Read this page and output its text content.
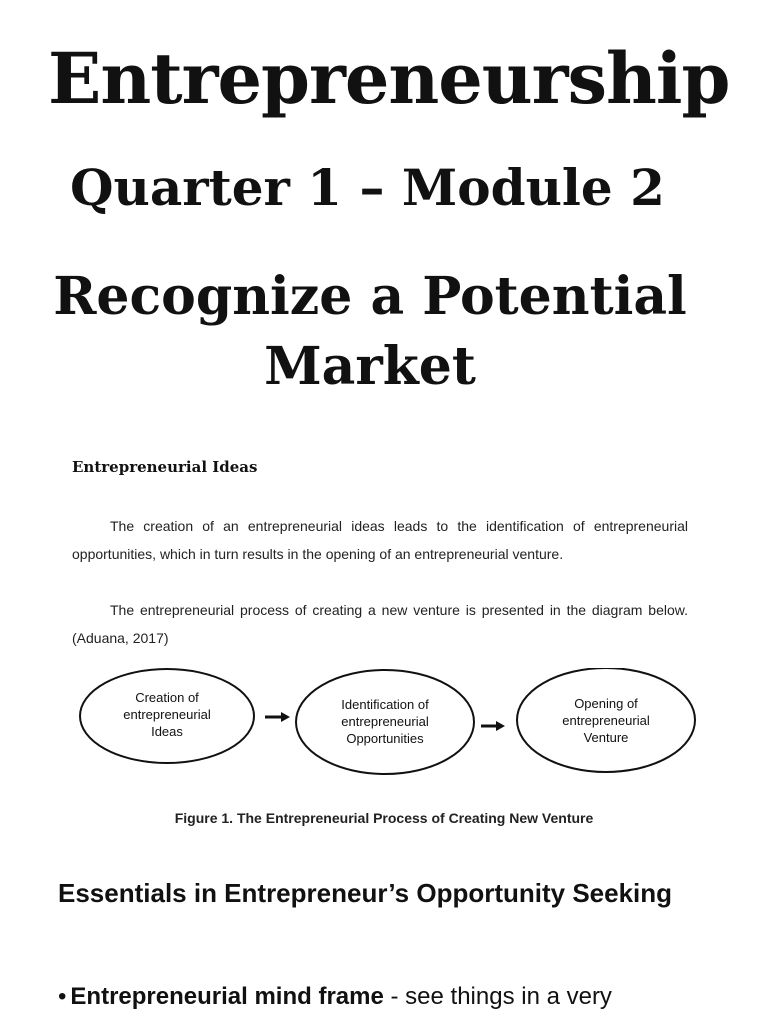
Entrepreneurship
Quarter 1 – Module 2
Recognize a Potential
Market
Entrepreneurial Ideas

The creation of an entrepreneurial ideas leads to the identification of entrepreneurial opportunities, which in turn results in the opening of an entrepreneurial venture.

The entrepreneurial process of creating a new venture is presented in the diagram below. (Aduana, 2017)

Creation of
entrepreneurial
Ideas
Identification of
entrepreneurial
Opportunities
Opening of
entrepreneurial
Venture
Figure 1. The Entrepreneurial Process of Creating New Venture
Essentials in Entrepreneur’s Opportunity Seeking
• Entrepreneurial mind frame - see things in a very
